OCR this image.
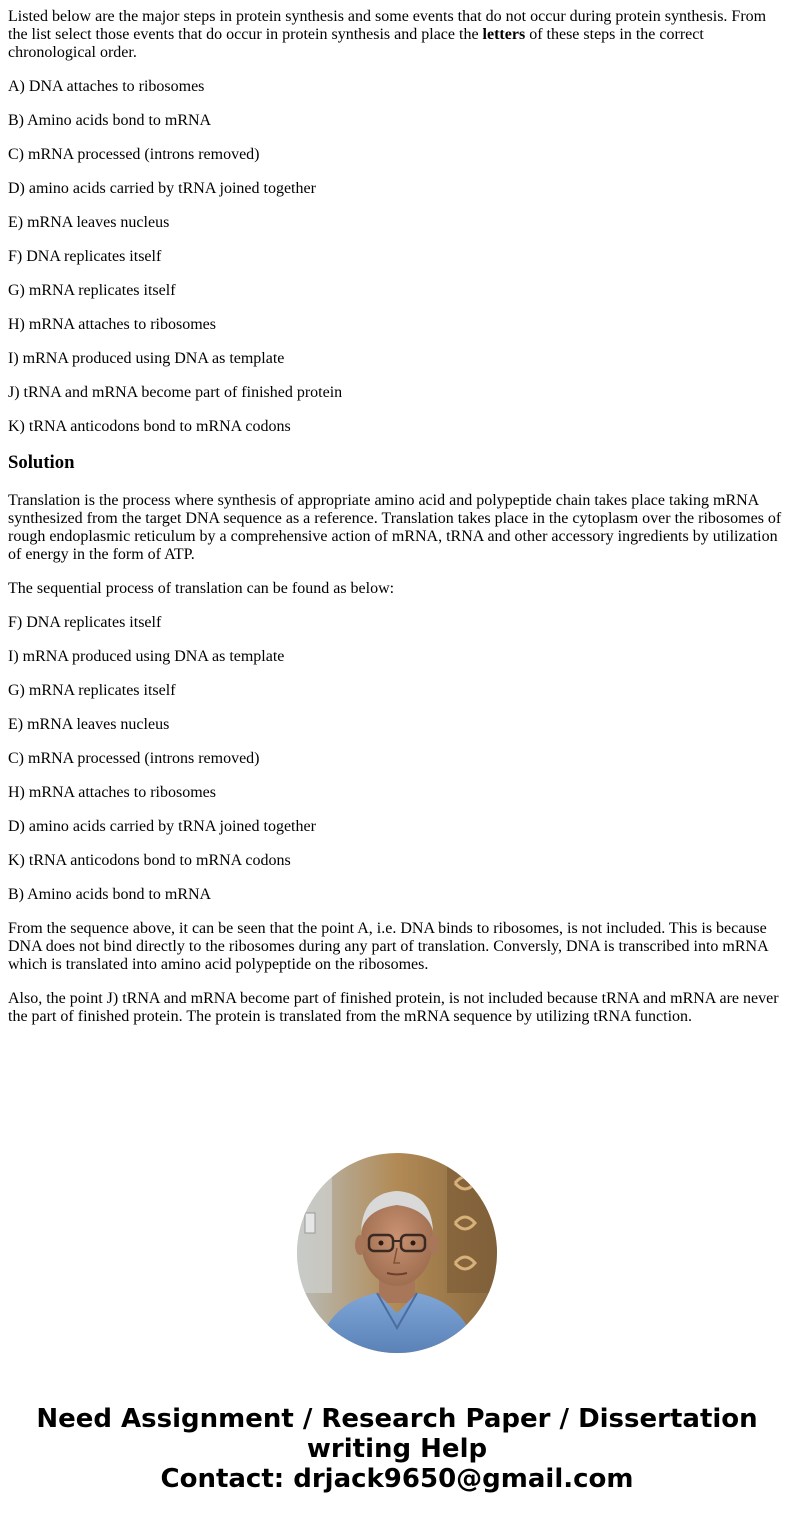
Listed below are the major steps in protein synthesis and some events that do not occur during protein synthesis. From the list select those events that do occur in protein synthesis and place the letters of these steps in the correct chronological order.

A) DNA attaches to ribosomes

B) Amino acids bond to mRNA

C) mRNA processed (introns removed)

D) amino acids carried by tRNA joined together

E) mRNA leaves nucleus

F) DNA replicates itself

G) mRNA replicates itself

H) mRNA attaches to ribosomes

I) mRNA produced using DNA as template

J) tRNA and mRNA become part of finished protein

K) tRNA anticodons bond to mRNA codons

Solution

Translation is the process where synthesis of appropriate amino acid and polypeptide chain takes place taking mRNA synthesized from the target DNA sequence as a reference. Translation takes place in the cytoplasm over the ribosomes of rough endoplasmic reticulum by a comprehensive action of mRNA, tRNA and other accessory ingredients by utilization of energy in the form of ATP.

The sequential process of translation can be found as below:

F) DNA replicates itself

I) mRNA produced using DNA as template

G) mRNA replicates itself

E) mRNA leaves nucleus

C) mRNA processed (introns removed)

H) mRNA attaches to ribosomes

D) amino acids carried by tRNA joined together

K) tRNA anticodons bond to mRNA codons

B) Amino acids bond to mRNA

From the sequence above, it can be seen that the point A, i.e. DNA binds to ribosomes, is not included. This is because DNA does not bind directly to the ribosomes during any part of translation. Conversly, DNA is transcribed into mRNA which is translated into amino acid polypeptide on the ribosomes.

Also, the point J) tRNA and mRNA become part of finished protein, is not included because tRNA and mRNA are never the part of finished protein. The protein is translated from the mRNA sequence by utilizing tRNA function.

Need Assignment / Research Paper / Dissertation
writing Help
Contact: drjack9650@gmail.com
